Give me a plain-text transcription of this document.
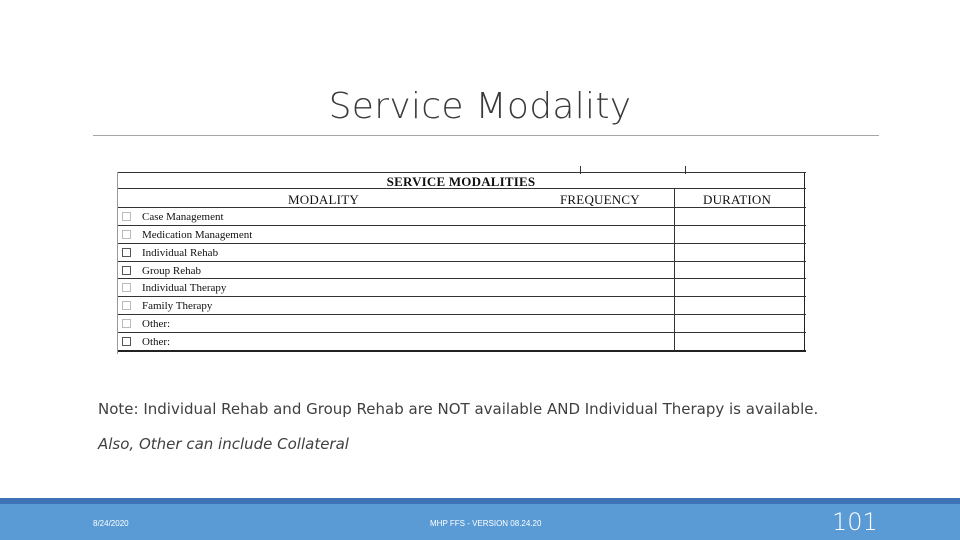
Service Modality
SERVICE MODALITIES
MODALITY	FREQUENCY	DURATION
Case Management
Medication Management
Individual Rehab
Group Rehab
Individual Therapy
Family Therapy
Other:
Other:
Note: Individual Rehab and Group Rehab are NOT available AND Individual Therapy is available.
Also, Other can include Collateral
8/24/2020	MHP FFS - VERSION 08.24.20	101
